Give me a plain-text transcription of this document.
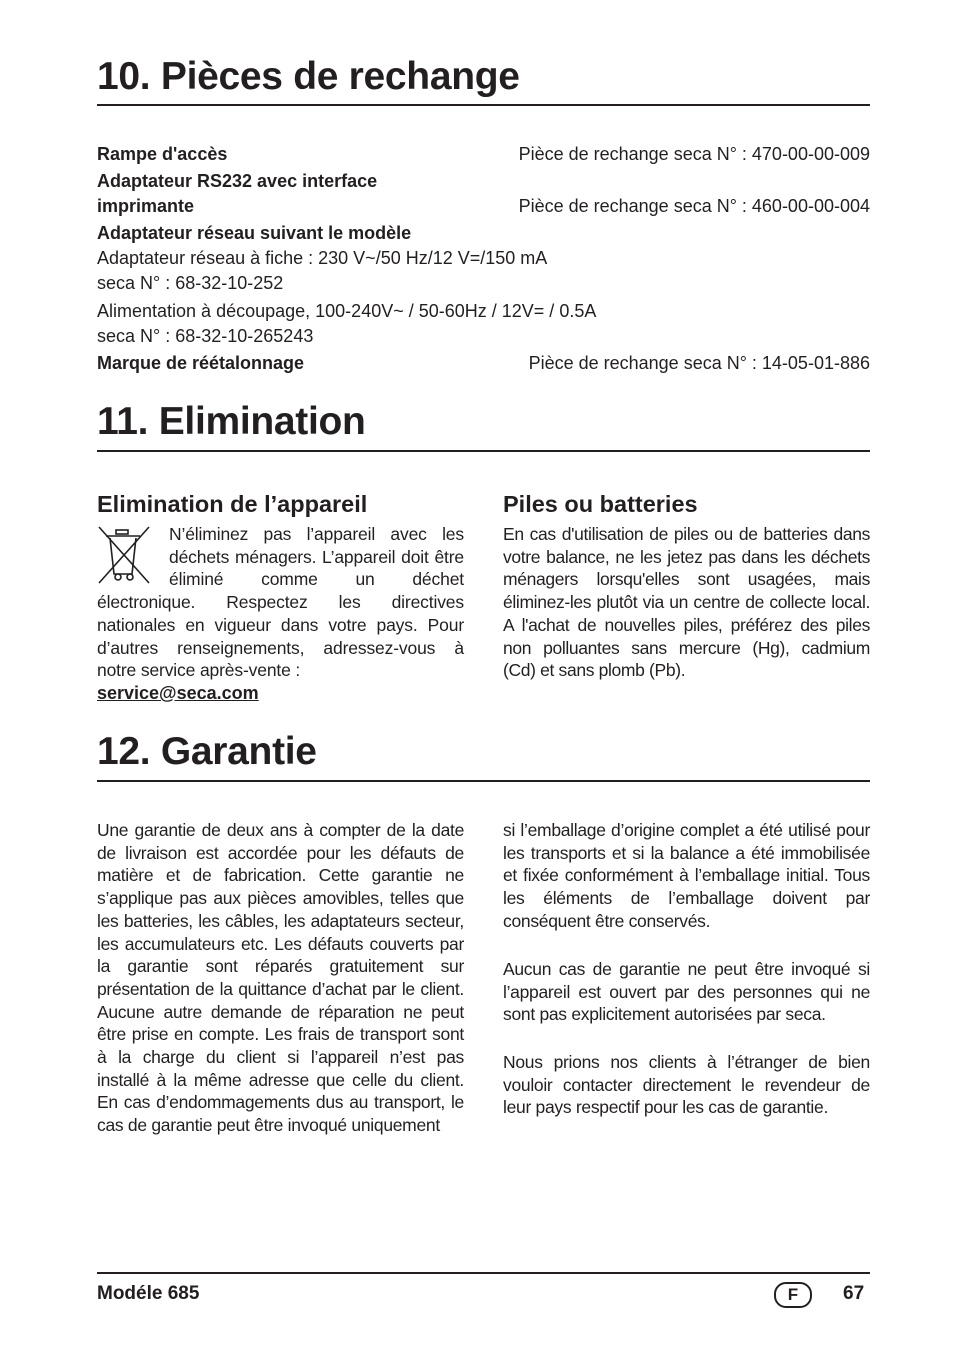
10. Pièces de rechange
Rampe d'accès	Pièce de rechange seca N° : 470-00-00-009
Adaptateur RS232 avec interface
imprimante	Pièce de rechange seca N° : 460-00-00-004
Adaptateur réseau suivant le modèle
Adaptateur réseau à fiche : 230 V~/50 Hz/12 V=/150 mA
seca N° : 68-32-10-252
Alimentation à découpage, 100-240V~ / 50-60Hz / 12V= / 0.5A
seca N° : 68-32-10-265243
Marque de réétalonnage	Pièce de rechange seca N° : 14-05-01-886
11. Elimination
Elimination de l’appareil
N’éliminez pas l’appareil avec les déchets ménagers. L’appareil doit être éliminé comme un déchet électronique. Respectez les directives nationales en vigueur dans votre pays. Pour d’autres renseignements, adressez-vous à notre service après-vente :
service@seca.com
Piles ou batteries

En cas d'utilisation de piles ou de batteries dans votre balance, ne les jetez pas dans les déchets ménagers lorsqu'elles sont usagées, mais éliminez-les plutôt via un centre de collecte local. A l'achat de nouvelles piles, préférez des piles non polluantes sans mercure (Hg), cadmium (Cd) et sans plomb (Pb).

12. Garantie

Une garantie de deux ans à compter de la date de livraison est accordée pour les défauts de matière et de fabrication. Cette garantie ne s’applique pas aux pièces amovibles, telles que les batteries, les câbles, les adaptateurs secteur, les accumulateurs etc. Les défauts couverts par la garantie sont réparés gratuitement sur présentation de la quittance d’achat par le client. Aucune autre demande de réparation ne peut être prise en compte. Les frais de transport sont à la charge du client si l’appareil n’est pas installé à la même adresse que celle du client. En cas d’endommagements dus au transport, le cas de garantie peut être invoqué uniquement

si l’emballage d’origine complet a été utilisé pour les transports et si la balance a été immobilisée et fixée conformément à l’emballage initial. Tous les éléments de l’emballage doivent par conséquent être conservés.

Aucun cas de garantie ne peut être invoqué si l’appareil est ouvert par des personnes qui ne sont pas explicitement autorisées par seca.

Nous prions nos clients à l’étranger de bien vouloir contacter directement le revendeur de leur pays respectif pour les cas de garantie.

Modéle 685	F	67
